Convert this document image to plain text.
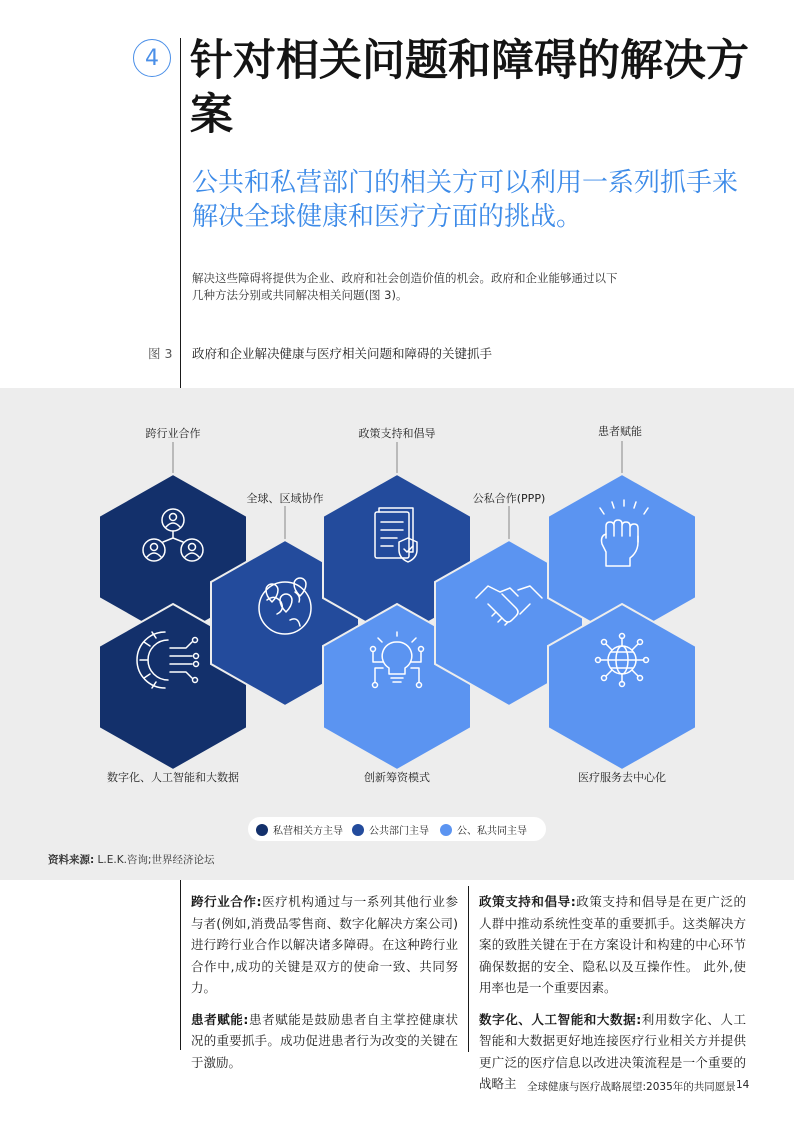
4 针对相关问题和障碍的解决方案
公共和私营部门的相关方可以利用一系列抓手来解决全球健康和医疗方面的挑战。
解决这些障碍将提供为企业、政府和社会创造价值的机会。政府和企业能够通过以下几种方法分别或共同解决相关问题(图 3)。
图 3 政府和企业解决健康与医疗相关问题和障碍的关键抓手
跨行业合作
全球、区域协作
政策支持和倡导
公私合作(PPP)
患者赋能
数字化、人工智能和大数据	创新筹资模式	医疗服务去中心化
私营相关方主导	公共部门主导	公、私共同主导
资料来源: L.E.K.咨询;世界经济论坛

跨行业合作:医疗机构通过与一系列其他行业参与者(例如,消费品零售商、数字化解决方案公司)进行跨行业合作以解决诸多障碍。在这种跨行业合作中,成功的关键是双方的使命一致、共同努力。

患者赋能:患者赋能是鼓励患者自主掌控健康状况的重要抓手。成功促进患者行为改变的关键在于激励。

政策支持和倡导:政策支持和倡导是在更广泛的人群中推动系统性变革的重要抓手。这类解决方案的致胜关键在于在方案设计和构建的中心环节确保数据的安全、隐私以及互操作性。 此外,使用率也是一个重要因素。

数字化、人工智能和大数据:利用数字化、人工智能和大数据更好地连接医疗行业相关方并提供更广泛的医疗信息以改进决策流程是一个重要的战略主 全球健康与医疗战略展望:2035年的共同愿景 14
